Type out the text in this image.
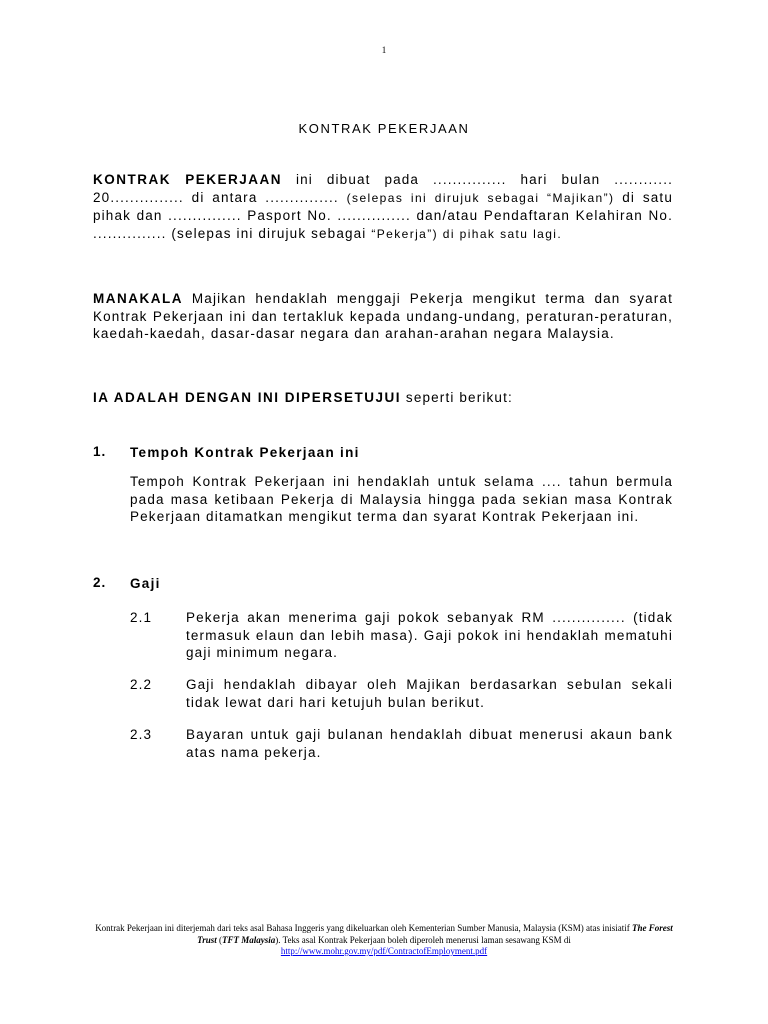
1
KONTRAK PEKERJAAN
KONTRAK PEKERJAAN ini dibuat pada ............... hari bulan ............ 20............... di antara ............... (selepas ini dirujuk sebagai “Majikan”) di satu pihak dan ............... Pasport No. ............... dan/atau Pendaftaran Kelahiran No. ............... (selepas ini dirujuk sebagai “Pekerja”) di pihak satu lagi.
MANAKALA Majikan hendaklah menggaji Pekerja mengikut terma dan syarat Kontrak Pekerjaan ini dan tertakluk kepada undang-undang, peraturan-peraturan, kaedah-kaedah, dasar-dasar negara dan arahan-arahan negara Malaysia.
IA ADALAH DENGAN INI DIPERSETUJUI seperti berikut:
1. Tempoh Kontrak Pekerjaan ini
Tempoh Kontrak Pekerjaan ini hendaklah untuk selama .... tahun bermula pada masa ketibaan Pekerja di Malaysia hingga pada sekian masa Kontrak Pekerjaan ditamatkan mengikut terma dan syarat Kontrak Pekerjaan ini.
2. Gaji
2.1	Pekerja akan menerima gaji pokok sebanyak RM ............... (tidak termasuk elaun dan lebih masa). Gaji pokok ini hendaklah mematuhi gaji minimum negara.
2.2	Gaji hendaklah dibayar oleh Majikan berdasarkan sebulan sekali tidak lewat dari hari ketujuh bulan berikut.
2.3	Bayaran untuk gaji bulanan hendaklah dibuat menerusi akaun bank atas nama pekerja.
Kontrak Pekerjaan ini diterjemah dari teks asal Bahasa Inggeris yang dikeluarkan oleh Kementerian Sumber Manusia, Malaysia (KSM) atas inisiatif The Forest Trust (TFT Malaysia). Teks asal Kontrak Pekerjaan boleh diperoleh menerusi laman sesawang KSM di
http://www.mohr.gov.my/pdf/ContractofEmployment.pdf
